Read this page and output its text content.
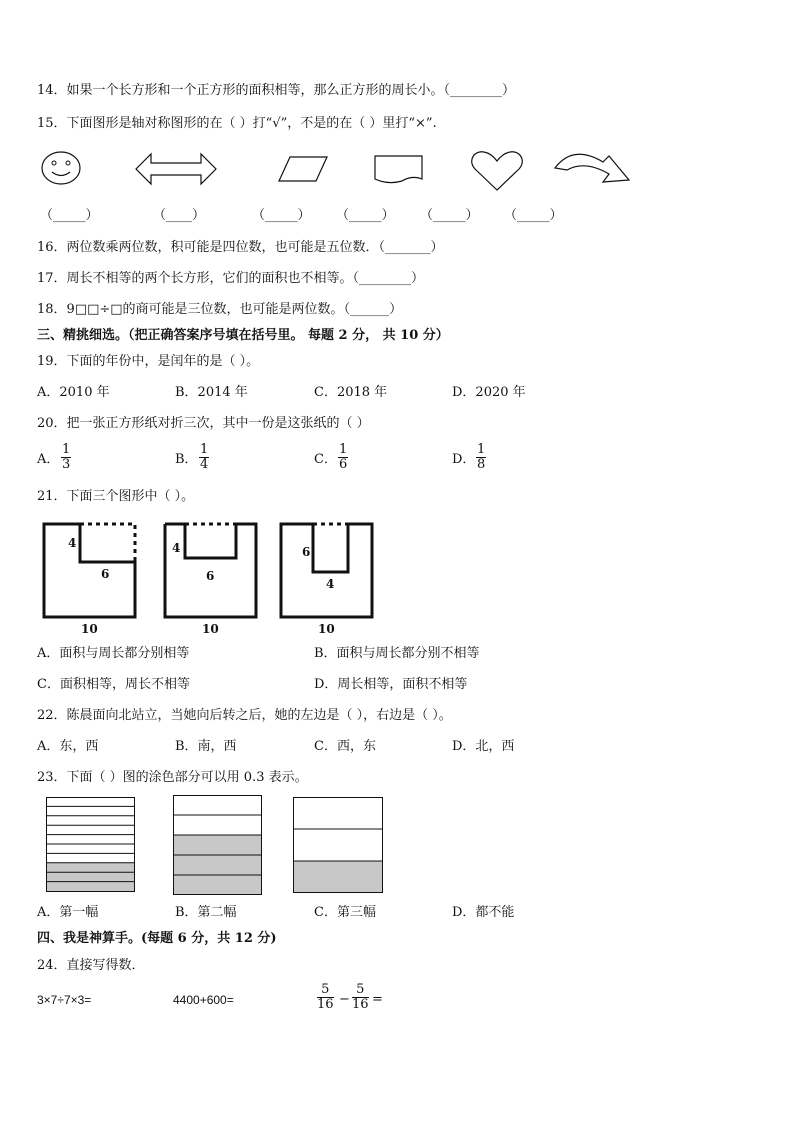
14．如果一个长方形和一个正方形的面积相等，那么正方形的周长小。（________）
15．下面图形是轴对称图形的在（ ）打“√”，不是的在（ ）里打“×”.
（_____）	（____）	（_____） （_____） （_____） （_____）
16．两位数乘两位数，积可能是四位数，也可能是五位数．（_______）
17．周长不相等的两个长方形，它们的面积也不相等。（________）
18．9□□÷□的商可能是三位数，也可能是两位数。（______）
三、精挑细选。（把正确答案序号填在括号里。 每题 2 分， 共 10 分）
19．下面的年份中，是闰年的是（ ）。
A．2010 年	B．2014 年	C．2018 年	D．2020 年
20．把一张正方形纸对折三次，其中一份是这张纸的（ ）
A． $\frac{1}{3}$	B． $\frac{1}{4}$	C． $\frac{1}{6}$	D． $\frac{1}{8}$
21．下面三个图形中（ ）。
4
6
10
4
6
10
6
4
10
A．面积与周长都分别相等	B．面积与周长都分别不相等
C．面积相等，周长不相等	D．周长相等，面积不相等
22．陈晨面向北站立，当她向后转之后，她的左边是（ ），右边是（ ）。
A．东，西	B．南，西	C．西，东	D．北，西
23．下面（ ）图的涂色部分可以用 0.3 表示。
A．第一幅	B．第二幅	C．第三幅	D．都不能
四、我是神算手。(每题 6 分，共 12 分)
24．直接写得数．
3×7÷7×3=	4400+600=	$\frac{5}{16} - \frac{5}{16}$ =
